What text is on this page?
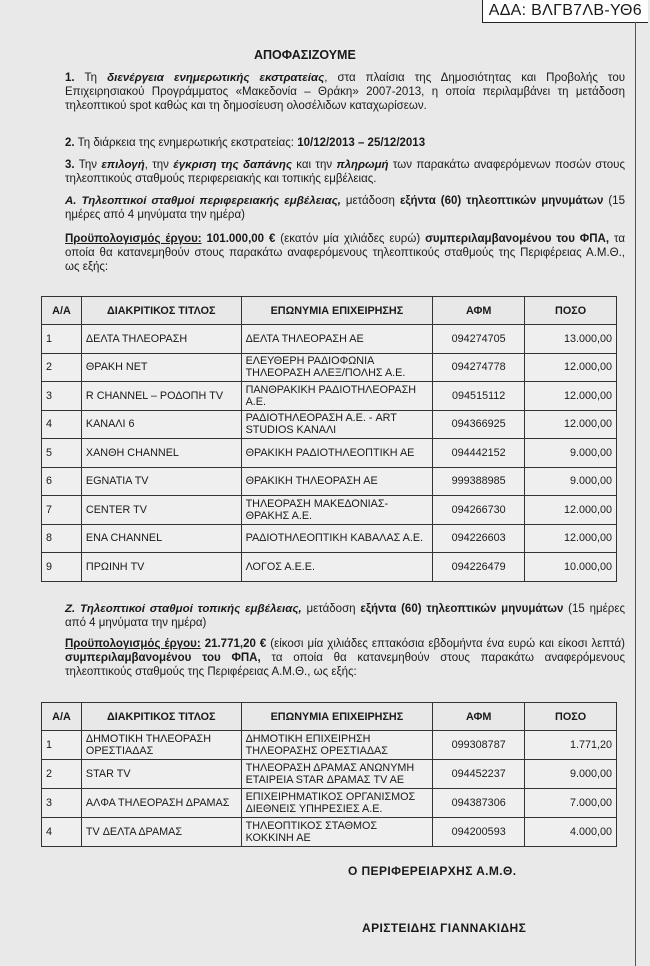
ΑΔΑ: ΒΛΓΒ7ΛΒ-ΥΘ6
ΑΠΟΦΑΣΙΖΟΥΜΕ
1. Τη διενέργεια ενημερωτικής εκστρατείας, στα πλαίσια της Δημοσιότητας και Προβολής του Επιχειρησιακού Προγράμματος «Μακεδονία – Θράκη» 2007-2013, η οποία περιλαμβάνει τη μετάδοση τηλεοπτικού spot καθώς και τη δημοσίευση ολοσέλιδων καταχωρίσεων.
2. Τη διάρκεια της ενημερωτικής εκστρατείας: 10/12/2013 – 25/12/2013
3. Την επιλογή, την έγκριση της δαπάνης και την πληρωμή των παρακάτω αναφερόμενων ποσών στους τηλεοπτικούς σταθμούς περιφερειακής και τοπικής εμβέλειας.
Α. Τηλεοπτικοί σταθμοί περιφερειακής εμβέλειας, μετάδοση εξήντα (60) τηλεοπτικών μηνυμάτων (15 ημέρες από 4 μηνύματα την ημέρα)
Προϋπολογισμός έργου: 101.000,00 € (εκατόν μία χιλιάδες ευρώ) συμπεριλαμβανομένου του ΦΠΑ, τα οποία θα κατανεμηθούν στους παρακάτω αναφερόμενους τηλεοπτικούς σταθμούς της Περιφέρειας Α.Μ.Θ., ως εξής:
Α/Α	ΔΙΑΚΡΙΤΙΚΟΣ ΤΙΤΛΟΣ	ΕΠΩΝΥΜΙΑ ΕΠΙΧΕΙΡΗΣΗΣ	ΑΦΜ	ΠΟΣΟ
1	ΔΕΛΤΑ ΤΗΛΕΟΡΑΣΗ	ΔΕΛΤΑ ΤΗΛΕΟΡΑΣΗ ΑΕ	094274705	13.000,00
2	ΘΡΑΚΗ NET	ΕΛΕΥΘΕΡΗ ΡΑΔΙΟΦΩΝΙΑ ΤΗΛΕΟΡΑΣΗ ΑΛΕΞ/ΠΟΛΗΣ Α.Ε.	094274778	12.000,00
3	R CHANNEL – ΡΟΔΟΠΗ TV	ΠΑΝΘΡΑΚΙΚΗ ΡΑΔΙΟΤΗΛΕΟΡΑΣΗ Α.Ε.	094515112	12.000,00
4	ΚΑΝΑΛΙ 6	ΡΑΔΙΟΤΗΛΕΟΡΑΣΗ Α.Ε. - ART STUDIOS ΚΑΝΑΛΙ	094366925	12.000,00
5	ΧΑΝΘΗ CHANNEL	ΘΡΑΚΙΚΗ ΡΑΔΙΟΤΗΛΕΟΠΤΙΚΗ ΑΕ	094442152	9.000,00
6	EGNATIA TV	ΘΡΑΚΙΚΗ ΤΗΛΕΟΡΑΣΗ ΑΕ	999388985	9.000,00
7	CENTER TV	ΤΗΛΕΟΡΑΣΗ ΜΑΚΕΔΟΝΙΑΣ-ΘΡΑΚΗΣ Α.Ε.	094266730	12.000,00
8	ENA CHANNEL	ΡΑΔΙΟΤΗΛΕΟΠΤΙΚΗ ΚΑΒΑΛΑΣ Α.Ε.	094226603	12.000,00
9	ΠΡΩΙΝΗ TV	ΛΟΓΟΣ Α.Ε.Ε.	094226479	10.000,00
Ζ. Τηλεοπτικοί σταθμοί τοπικής εμβέλειας, μετάδοση εξήντα (60) τηλεοπτικών μηνυμάτων (15 ημέρες από 4 μηνύματα την ημέρα)
Προϋπολογισμός έργου: 21.771,20 € (είκοσι μία χιλιάδες επτακόσια εβδομήντα ένα ευρώ και είκοσι λεπτά) συμπεριλαμβανομένου του ΦΠΑ, τα οποία θα κατανεμηθούν στους παρακάτω αναφερόμενους τηλεοπτικούς σταθμούς της Περιφέρειας Α.Μ.Θ., ως εξής:
Α/Α	ΔΙΑΚΡΙΤΙΚΟΣ ΤΙΤΛΟΣ	ΕΠΩΝΥΜΙΑ ΕΠΙΧΕΙΡΗΣΗΣ	ΑΦΜ	ΠΟΣΟ
1	ΔΗΜΟΤΙΚΗ ΤΗΛΕΟΡΑΣΗ ΟΡΕΣΤΙΑΔΑΣ	ΔΗΜΟΤΙΚΗ ΕΠΙΧΕΙΡΗΣΗ ΤΗΛΕΟΡΑΣΗΣ ΟΡΕΣΤΙΑΔΑΣ	099308787	1.771,20
2	STAR TV	ΤΗΛΕΟΡΑΣΗ ΔΡΑΜΑΣ ΑΝΩΝΥΜΗ ΕΤΑΙΡΕΙΑ STAR ΔΡΑΜΑΣ TV AE	094452237	9.000,00
3	ΑΛΦΑ ΤΗΛΕΟΡΑΣΗ ΔΡΑΜΑΣ	ΕΠΙΧΕΙΡΗΜΑΤΙΚΟΣ ΟΡΓΑΝΙΣΜΟΣ ΔΙΕΘΝΕΙΣ ΥΠΗΡΕΣΙΕΣ Α.Ε.	094387306	7.000,00
4	TV ΔΕΛΤΑ ΔΡΑΜΑΣ	ΤΗΛΕΟΠΤΙΚΟΣ ΣΤΑΘΜΟΣ ΚΟΚΚΙΝΗ ΑΕ	094200593	4.000,00
Ο ΠΕΡΙΦΕΡΕΙΑΡΧΗΣ Α.Μ.Θ.
ΑΡΙΣΤΕΙΔΗΣ ΓΙΑΝΝΑΚΙΔΗΣ
